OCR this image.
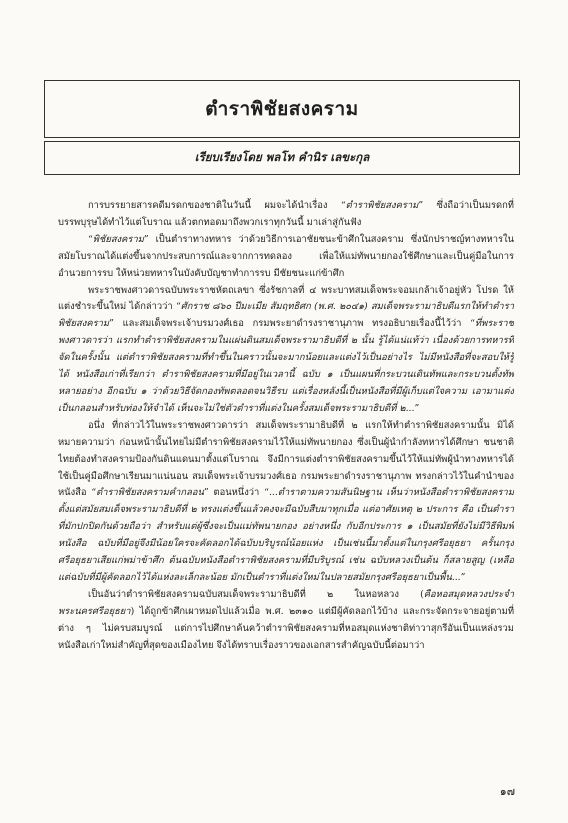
ตำราพิชัยสงคราม
เรียบเรียงโดย พลโท คำนิร เลขะกุล

การบรรยายสารคดีมรดกของชาติในวันนี้ ผมจะได้นำเรื่อง “ตำราพิชัยสงคราม” ซึ่งถือว่าเป็นมรดกที่บรรพบุรุษได้ทำไว้แต่โบราณ แล้วตกทอดมาถึงพวกเราทุกวันนี้ มาเล่าสู่กันฟัง

“พิชัยสงคราม” เป็นตำราทางทหาร ว่าด้วยวิธีการเอาชัยชนะข้าศึกในสงคราม ซึ่งนักปราชญ์ทางทหารในสมัยโบราณได้แต่งขึ้นจากประสบการณ์และจากการทดลอง เพื่อให้แม่ทัพนายกองใช้ศึกษาและเป็นคู่มือในการอำนวยการรบ ให้หน่วยทหารในบังคับบัญชาทำการรบ มีชัยชนะแก่ข้าศึก

พระราชพงศาวดารฉบับพระราชหัตถเลขา ซึ่งรัชกาลที่ ๔ พระบาทสมเด็จพระจอมเกล้าเจ้าอยู่หัว โปรด ให้แต่งชำระขึ้นใหม่ ได้กล่าวว่า “ศักราช ๘๖๐ ปีมะเมีย สัมฤทธิศก (พ.ศ. ๒๐๔๑) สมเด็จพระรามาธิบดีแรกให้ทำตำราพิชัยสงคราม” และสมเด็จพระเจ้าบรมวงศ์เธอ กรมพระยาดำรงราชานุภาพ ทรงอธิบายเรื่องนี้ไว้ว่า “ที่พระราชพงศาวดารว่า แรกทำตำราพิชัยสงครามในแผ่นดินสมเด็จพระรามาธิบดีที่ ๒ นั้น รู้ได้แน่แท้ว่า เนื่องด้วยการทหารที่จัดในครั้งนั้น แต่ตำราพิชัยสงครามที่ทำขึ้นในคราวนั้นจะมากน้อยและแต่งไว้เป็นอย่างไร ไม่มีหนังสือที่จะสอบให้รู้ได้ หนังสือเก่าที่เรียกว่า ตำราพิชัยสงครามที่มีอยู่ในเวลานี้ ฉบับ ๑ เป็นแผนที่กระบวนเดินทัพและกระบวนตั้งทัพหลายอย่าง อีกฉบับ ๑ ว่าด้วยวิธีจัดกองทัพตลอดจนวิธีรบ แต่เรื่องหลังนี้เป็นหนังสือที่มีผู้เก็บแต่ใจความ เอามาแต่งเป็นกลอนสำหรับท่องให้จำได้ เห็นจะไม่ใช่ตัวตำราที่แต่งในครั้งสมเด็จพระรามาธิบดีที่ ๒...”

อนึ่ง ที่กล่าวไว้ในพระราชพงศาวดารว่า สมเด็จพระรามาธิบดีที่ ๒ แรกให้ทำตำราพิชัยสงครามนั้น มิได้หมายความว่า ก่อนหน้านั้นไทยไม่มีตำราพิชัยสงครามไว้ให้แม่ทัพนายกอง ซึ่งเป็นผู้นำกำลังทหารได้ศึกษา ชนชาติไทยต้องทำสงครามป้องกันดินแดนมาตั้งแต่โบราณ จึงมีการแต่งตำราพิชัยสงครามขึ้นไว้ให้แม่ทัพผู้นำทางทหารได้ใช้เป็นคู่มือศึกษาเรียนมาแน่นอน สมเด็จพระเจ้าบรมวงศ์เธอ กรมพระยาดำรงราชานุภาพ ทรงกล่าวไว้ในคำนำของหนังสือ “ตำราพิชัยสงครามคำกลอน” ตอนหนึ่งว่า “...ตำราตามความสันนิษฐาน เห็นว่าหนังสือตำราพิชัยสงครามตั้งแต่สมัยสมเด็จพระรามาธิบดีที่ ๒ ทรงแต่งขึ้นแล้วคงจะมีฉบับสืบมาทุกเมื่อ แต่อาศัยเหตุ ๒ ประการ คือ เป็นตำราที่มักปกปิดกันด้วยถือว่า สำหรับแต่ผู้ซึ่งจะเป็นแม่ทัพนายกอง อย่างหนึ่ง กับอีกประการ ๑ เป็นสมัยที่ยังไม่มีวิธีพิมพ์หนังสือ ฉบับที่มีอยู่จึงมีน้อยใครจะคัดลอกได้ฉบับบริบูรณ์น้อยแห่ง เป็นเช่นนี้มาตั้งแต่ในกรุงศรีอยุธยา ครั้นกรุงศรีอยุธยาเสียแก่พม่าข้าศึก ต้นฉบับหนังสือตำราพิชัยสงครามที่มีบริบูรณ์ เช่น ฉบับหลวงเป็นต้น ก็สลายสูญ (เหลือแต่ฉบับที่มีผู้คัดลอกไว้ได้แห่งละเล็กละน้อย มักเป็นตำราที่แต่งใหม่ในปลายสมัยกรุงศรีอยุธยาเป็นพื้น...”

เป็นอันว่าตำราพิชัยสงครามฉบับสมเด็จพระรามาธิบดีที่ ๒ ในหอหลวง (คือหอสมุดหลวงประจำพระนครศรีอยุธยา) ได้ถูกข้าศึกเผาหมดไปแล้วเมื่อ พ.ศ. ๒๓๑๐ แต่มีผู้คัดลอกไว้บ้าง และกระจัดกระจายอยู่ตามที่ต่าง ๆ ไม่ครบสมบูรณ์ แต่การไปศึกษาค้นคว้าตำราพิชัยสงครามที่หอสมุดแห่งชาติท่าวาสุกรีอันเป็นแหล่งรวมหนังสือเก่าใหม่สำคัญที่สุดของเมืองไทย จึงได้ทราบเรื่องราวของเอกสารสำคัญฉบับนี้ต่อมาว่า

๑๗
